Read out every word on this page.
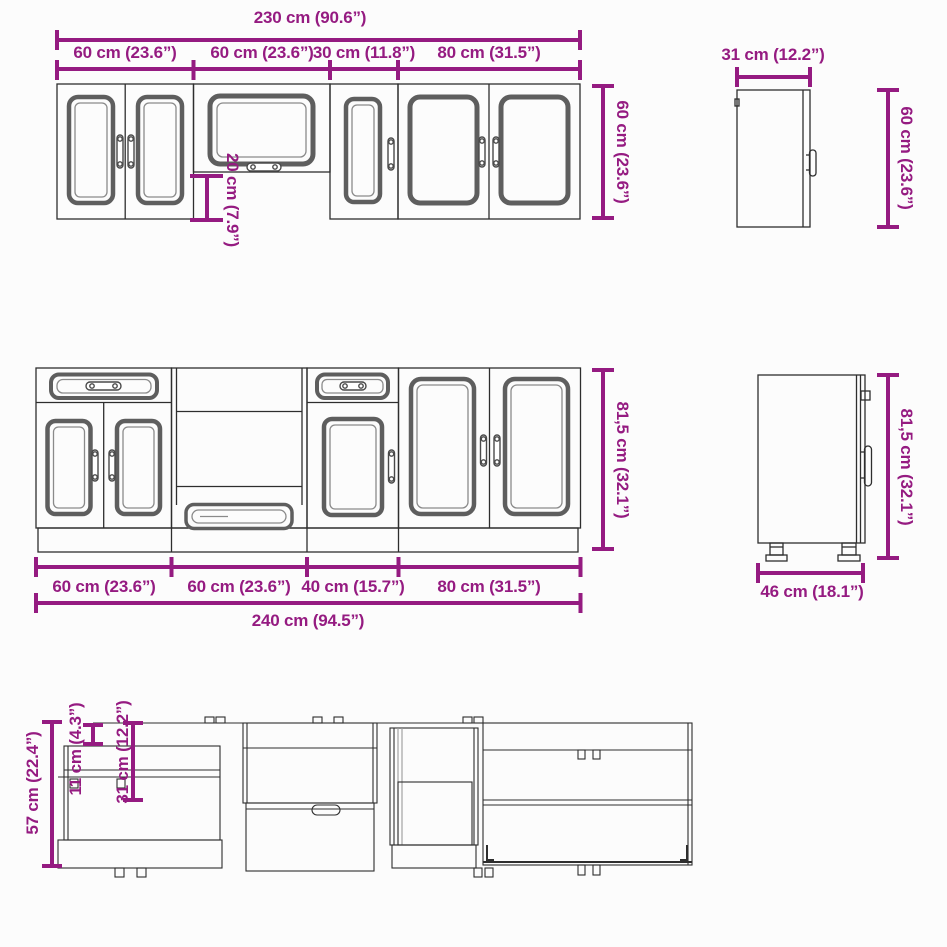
230 cm (90.6”)
60 cm (23.6”) 60 cm (23.6”) 30 cm (11.8”) 80 cm (31.5”)
60 cm (23.6”)
20 cm (7.9”)
31 cm (12.2”)
60 cm (23.6”)
60 cm (23.6”) 60 cm (23.6”) 40 cm (15.7”) 80 cm (31.5”)
240 cm (94.5”)
81,5 cm (32.1”)
46 cm (18.1”)
81,5 cm (32.1”)
57 cm (22.4”) 11 cm (4.3”) 31 cm (12.2”)
